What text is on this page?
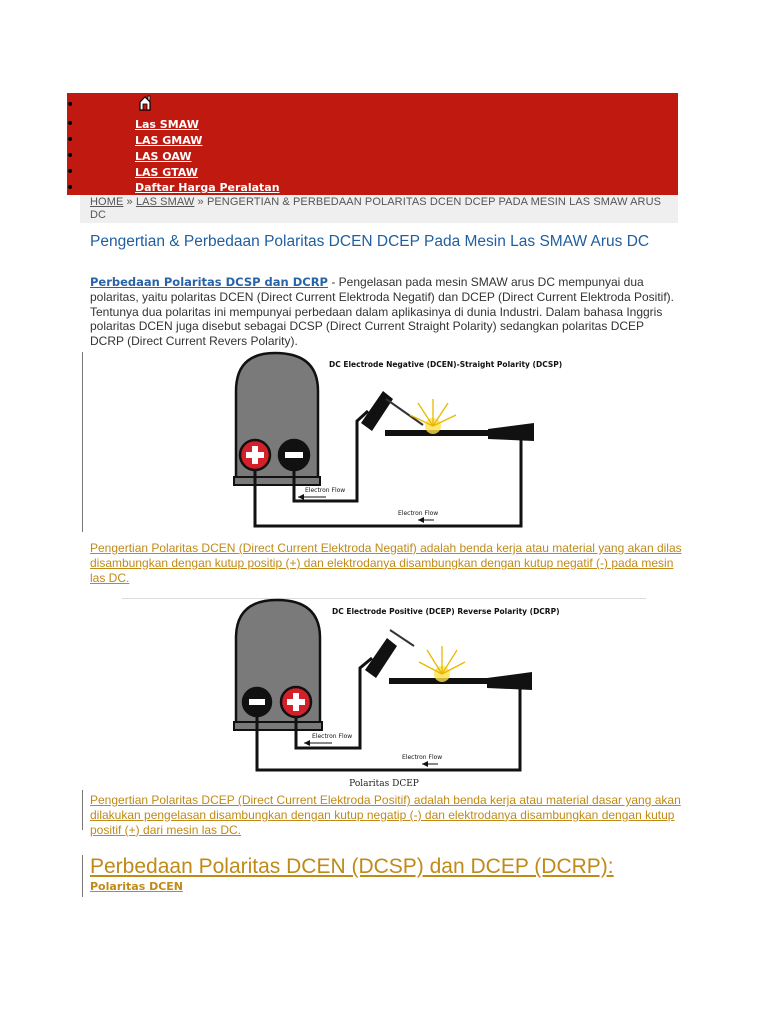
•
•
Las SMAW
•
LAS GMAW
•
LAS OAW
•
LAS GTAW
•
Daftar Harga Peralatan
HOME » LAS SMAW » PENGERTIAN & PERBEDAAN POLARITAS DCEN DCEP PADA MESIN LAS SMAW ARUS DC
Pengertian & Perbedaan Polaritas DCEN DCEP Pada Mesin Las SMAW Arus DC
Perbedaan Polaritas DCSP dan DCRP - Pengelasan pada mesin SMAW arus DC mempunyai dua polaritas, yaitu polaritas DCEN (Direct Current Elektroda Negatif) dan DCEP (Direct Current Elektroda Positif). Tentunya dua polaritas ini mempunyai perbedaan dalam aplikasinya di dunia Industri. Dalam bahasa Inggris polaritas DCEN juga disebut sebagai DCSP (Direct Current Straight Polarity) sedangkan polaritas DCEP DCRP (Direct Current Revers Polarity).
DC Electrode Negative (DCEN)-Straight Polarity (DCSP)
Electron Flow
Electron Flow
Pengertian Polaritas DCEN (Direct Current Elektroda Negatif) adalah benda kerja atau material yang akan dilas disambungkan dengan kutup positip (+) dan elektrodanya disambungkan dengan kutup negatif (-) pada mesin las DC.
DC Electrode Positive (DCEP) Reverse Polarity (DCRP)
Electron Flow
Electron Flow
Polaritas DCEP
Pengertian Polaritas DCEP (Direct Current Elektroda Positif) adalah benda kerja atau material dasar yang akan dilakukan pengelasan disambungkan dengan kutup negatip (-) dan elektrodanya disambungkan dengan kutup positif (+) dari mesin las DC.
Perbedaan Polaritas DCEN (DCSP) dan DCEP (DCRP):
Polaritas DCEN
